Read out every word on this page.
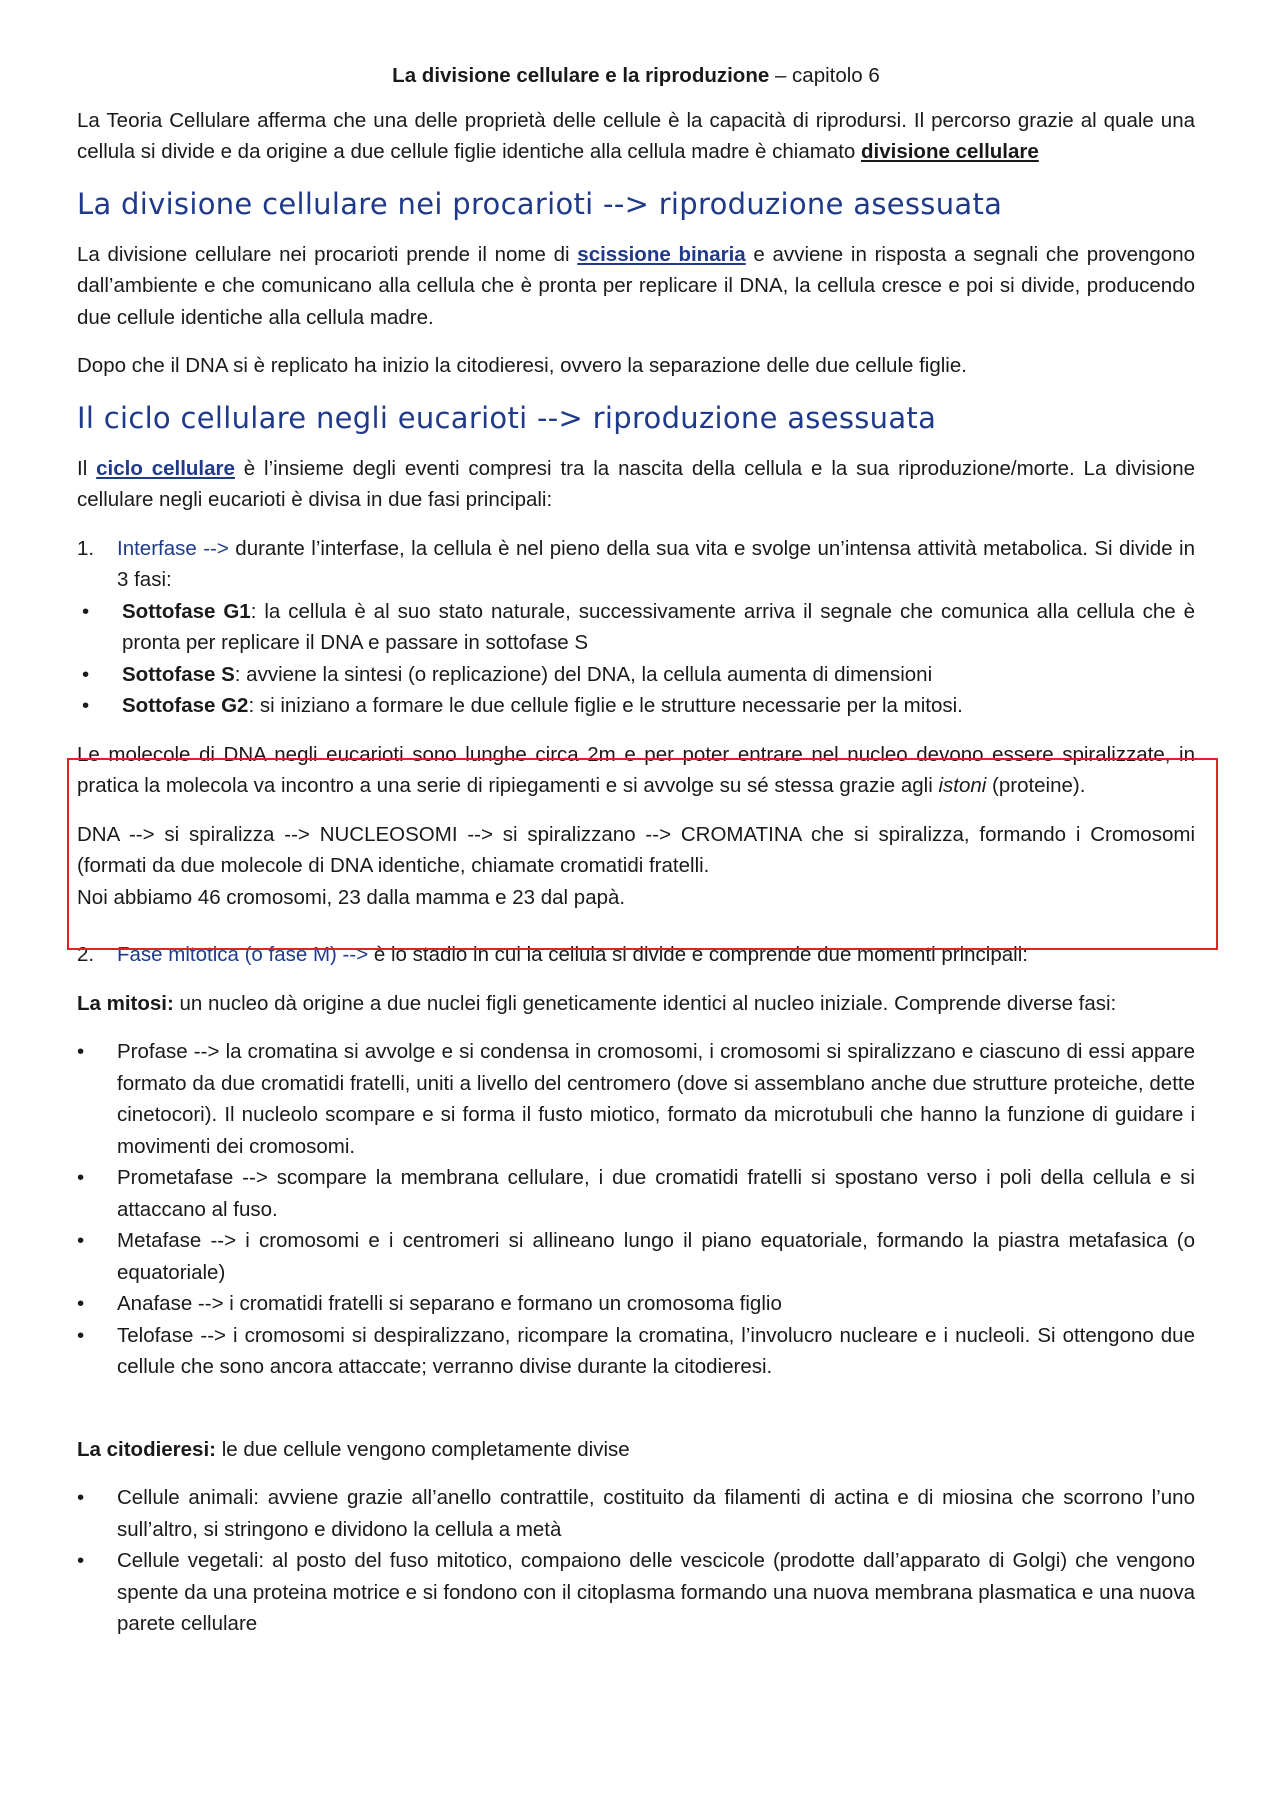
La divisione cellulare e la riproduzione – capitolo 6

La Teoria Cellulare afferma che una delle proprietà delle cellule è la capacità di riprodursi. Il percorso grazie al quale una cellula si divide e da origine a due cellule figlie identiche alla cellula madre è chiamato divisione cellulare

La divisione cellulare nei procarioti --> riproduzione asessuata

La divisione cellulare nei procarioti prende il nome di scissione binaria e avviene in risposta a segnali che provengono dall’ambiente e che comunicano alla cellula che è pronta per replicare il DNA, la cellula cresce e poi si divide, producendo due cellule identiche alla cellula madre.

Dopo che il DNA si è replicato ha inizio la citodieresi, ovvero la separazione delle due cellule figlie.

Il ciclo cellulare negli eucarioti --> riproduzione asessuata

Il ciclo cellulare è l’insieme degli eventi compresi tra la nascita della cellula e la sua riproduzione/morte. La divisione cellulare negli eucarioti è divisa in due fasi principali:

1. Interfase --> durante l’interfase, la cellula è nel pieno della sua vita e svolge un’intensa attività metabolica. Si divide in 3 fasi:
• Sottofase G1: la cellula è al suo stato naturale, successivamente arriva il segnale che comunica alla cellula che è pronta per replicare il DNA e passare in sottofase S
• Sottofase S: avviene la sintesi (o replicazione) del DNA, la cellula aumenta di dimensioni
• Sottofase G2: si iniziano a formare le due cellule figlie e le strutture necessarie per la mitosi.

Le molecole di DNA negli eucarioti sono lunghe circa 2m e per poter entrare nel nucleo devono essere spiralizzate, in pratica la molecola va incontro a una serie di ripiegamenti e si avvolge su sé stessa grazie agli istoni (proteine).

DNA --> si spiralizza --> NUCLEOSOMI --> si spiralizzano --> CROMATINA che si spiralizza, formando i Cromosomi (formati da due molecole di DNA identiche, chiamate cromatidi fratelli.
Noi abbiamo 46 cromosomi, 23 dalla mamma e 23 dal papà.

2. Fase mitotica (o fase M) --> è lo stadio in cui la cellula si divide e comprende due momenti principali:

La mitosi: un nucleo dà origine a due nuclei figli geneticamente identici al nucleo iniziale. Comprende diverse fasi:

• Profase --> la cromatina si avvolge e si condensa in cromosomi, i cromosomi si spiralizzano e ciascuno di essi appare formato da due cromatidi fratelli, uniti a livello del centromero (dove si assemblano anche due strutture proteiche, dette cinetocori). Il nucleolo scompare e si forma il fusto miotico, formato da microtubuli che hanno la funzione di guidare i movimenti dei cromosomi.
• Prometafase --> scompare la membrana cellulare, i due cromatidi fratelli si spostano verso i poli della cellula e si attaccano al fuso.
• Metafase --> i cromosomi e i centromeri si allineano lungo il piano equatoriale, formando la piastra metafasica (o equatoriale)
• Anafase --> i cromatidi fratelli si separano e formano un cromosoma figlio
• Telofase --> i cromosomi si despiralizzano, ricompare la cromatina, l’involucro nucleare e i nucleoli. Si ottengono due cellule che sono ancora attaccate; verranno divise durante la citodieresi.

La citodieresi: le due cellule vengono completamente divise

• Cellule animali: avviene grazie all’anello contrattile, costituito da filamenti di actina e di miosina che scorrono l’uno sull’altro, si stringono e dividono la cellula a metà
• Cellule vegetali: al posto del fuso mitotico, compaiono delle vescicole (prodotte dall’apparato di Golgi) che vengono spente da una proteina motrice e si fondono con il citoplasma formando una nuova membrana plasmatica e una nuova parete cellulare
